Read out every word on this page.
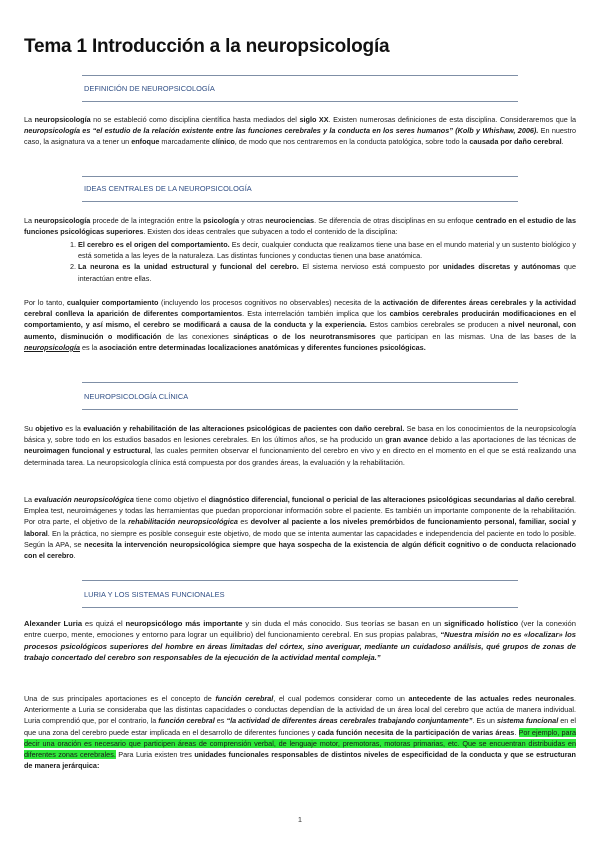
Tema 1 Introducción a la neuropsicología

DEFINICIÓN DE NEUROPSICOLOGÍA

La neuropsicología no se estableció como disciplina científica hasta mediados del siglo XX. Existen numerosas definiciones de esta disciplina. Consideraremos que la neuropsicología es “el estudio de la relación existente entre las funciones cerebrales y la conducta en los seres humanos” (Kolb y Whishaw, 2006). En nuestro caso, la asignatura va a tener un enfoque marcadamente clínico, de modo que nos centraremos en la conducta patológica, sobre todo la causada por daño cerebral.

IDEAS CENTRALES DE LA NEUROPSICOLOGÍA

La neuropsicología procede de la integración entre la psicología y otras neurociencias. Se diferencia de otras disciplinas en su enfoque centrado en el estudio de las funciones psicológicas superiores. Existen dos ideas centrales que subyacen a todo el contenido de la disciplina:

1. El cerebro es el origen del comportamiento. Es decir, cualquier conducta que realizamos tiene una base en el mundo material y un sustento biológico y está sometida a las leyes de la naturaleza. Las distintas funciones y conductas tienen una base anatómica.
2. La neurona es la unidad estructural y funcional del cerebro. El sistema nervioso está compuesto por unidades discretas y autónomas que interactúan entre ellas.

Por lo tanto, cualquier comportamiento (incluyendo los procesos cognitivos no observables) necesita de la activación de diferentes áreas cerebrales y la actividad cerebral conlleva la aparición de diferentes comportamientos. Esta interrelación también implica que los cambios cerebrales producirán modificaciones en el comportamiento, y así mismo, el cerebro se modificará a causa de la conducta y la experiencia. Estos cambios cerebrales se producen a nivel neuronal, con aumento, disminución o modificación de las conexiones sinápticas o de los neurotransmisores que participan en las mismas. Una de las bases de la neuropsicología es la asociación entre determinadas localizaciones anatómicas y diferentes funciones psicológicas.

NEUROPSICOLOGÍA CLÍNICA

Su objetivo es la evaluación y rehabilitación de las alteraciones psicológicas de pacientes con daño cerebral. Se basa en los conocimientos de la neuropsicología básica y, sobre todo en los estudios basados en lesiones cerebrales. En los últimos años, se ha producido un gran avance debido a las aportaciones de las técnicas de neuroimagen funcional y estructural, las cuales permiten observar el funcionamiento del cerebro en vivo y en directo en el momento en el que se está realizando una determinada tarea. La neuropsicología clínica está compuesta por dos grandes áreas, la evaluación y la rehabilitación.

La evaluación neuropsicológica tiene como objetivo el diagnóstico diferencial, funcional o pericial de las alteraciones psicológicas secundarias al daño cerebral. Emplea test, neuroimágenes y todas las herramientas que puedan proporcionar información sobre el paciente. Es también un importante componente de la rehabilitación. Por otra parte, el objetivo de la rehabilitación neuropsicológica es devolver al paciente a los niveles premórbidos de funcionamiento personal, familiar, social y laboral. En la práctica, no siempre es posible conseguir este objetivo, de modo que se intenta aumentar las capacidades e independencia del paciente en todo lo posible. Según la APA, se necesita la intervención neuropsicológica siempre que haya sospecha de la existencia de algún déficit cognitivo o de conducta relacionado con el cerebro.

LURIA Y LOS SISTEMAS FUNCIONALES

Alexander Luria es quizá el neuropsicólogo más importante y sin duda el más conocido. Sus teorías se basan en un significado holístico (ver la conexión entre cuerpo, mente, emociones y entorno para lograr un equilibrio) del funcionamiento cerebral. En sus propias palabras, “Nuestra misión no es «localizar» los procesos psicológicos superiores del hombre en áreas limitadas del córtex, sino averiguar, mediante un cuidadoso análisis, qué grupos de zonas de trabajo concertado del cerebro son responsables de la ejecución de la actividad mental compleja.”

Una de sus principales aportaciones es el concepto de función cerebral, el cual podemos considerar como un antecedente de las actuales redes neuronales. Anteriormente a Luria se consideraba que las distintas capacidades o conductas dependían de la actividad de un área local del cerebro que actúa de manera individual. Luria comprendió que, por el contrario, la función cerebral es “la actividad de diferentes áreas cerebrales trabajando conjuntamente”. Es un sistema funcional en el que una zona del cerebro puede estar implicada en el desarrollo de diferentes funciones y cada función necesita de la participación de varias áreas. Por ejemplo, para decir una oración es necesario que participen áreas de comprensión verbal, de lenguaje motor, premotoras, motoras primarias, etc. Que se encuentran distribuidas en diferentes zonas cerebrales. Para Luria existen tres unidades funcionales responsables de distintos niveles de especificidad de la conducta y que se estructuran de manera jerárquica:

1
